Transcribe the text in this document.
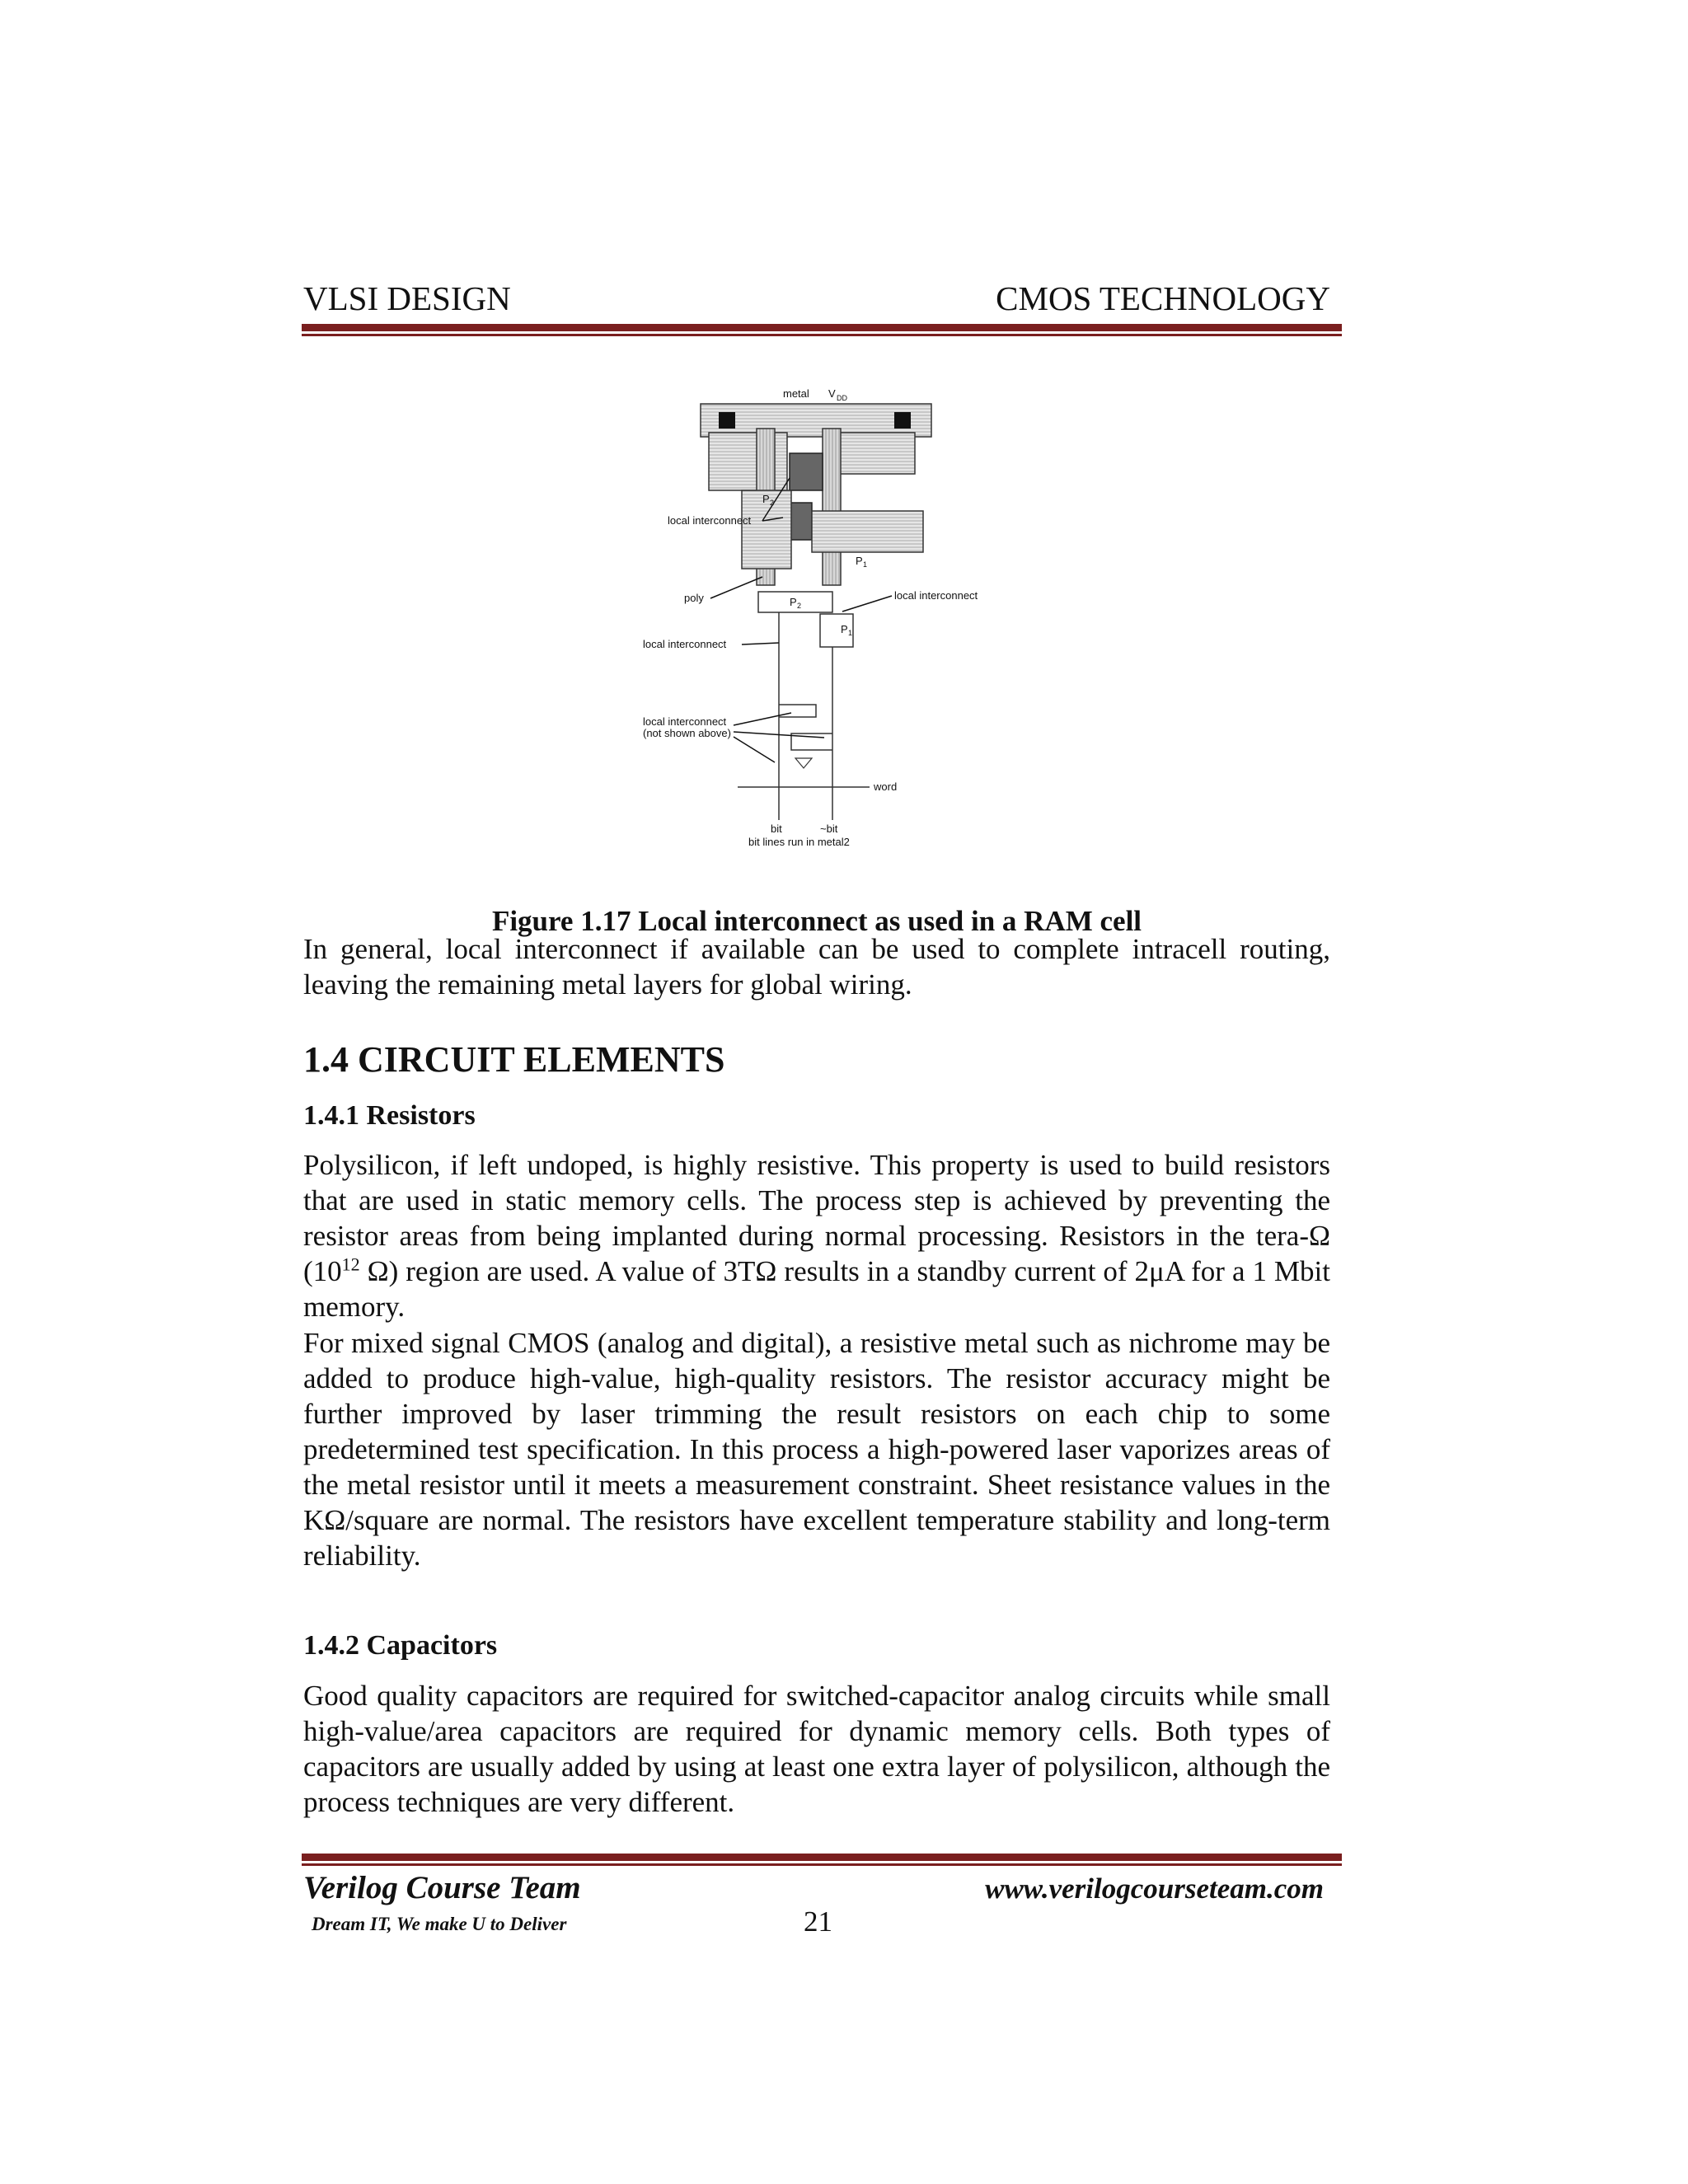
VLSI DESIGN	CMOS TECHNOLOGY
metal V DD
P 2
local interconnect
P 1
poly	local interconnect
P 2
P 1
local interconnect
local interconnect
(not shown above)
word
bit	~bit
bit lines run in metal2
Figure 1.17 Local interconnect as used in a RAM cell
In general, local interconnect if available can be used to complete intracell routing, leaving the remaining metal layers for global wiring.
1.4 CIRCUIT ELEMENTS
1.4.1 Resistors
Polysilicon, if left undoped, is highly resistive. This property is used to build resistors that are used in static memory cells. The process step is achieved by preventing the resistor areas from being implanted during normal processing. Resistors in the tera-Ω ($10^{12}$ Ω) region are used. A value of 3TΩ results in a standby current of 2μA for a 1 Mbit memory.
For mixed signal CMOS (analog and digital), a resistive metal such as nichrome may be added to produce high-value, high-quality resistors. The resistor accuracy might be further improved by laser trimming the result resistors on each chip to some predetermined test specification. In this process a high-powered laser vaporizes areas of the metal resistor until it meets a measurement constraint. Sheet resistance values in the KΩ/square are normal. The resistors have excellent temperature stability and long-term reliability.
1.4.2 Capacitors
Good quality capacitors are required for switched-capacitor analog circuits while small high-value/area capacitors are required for dynamic memory cells. Both types of capacitors are usually added by using at least one extra layer of polysilicon, although the process techniques are very different.
Verilog Course Team	www.verilogcourseteam.com
Dream IT, We make U to Deliver	21
